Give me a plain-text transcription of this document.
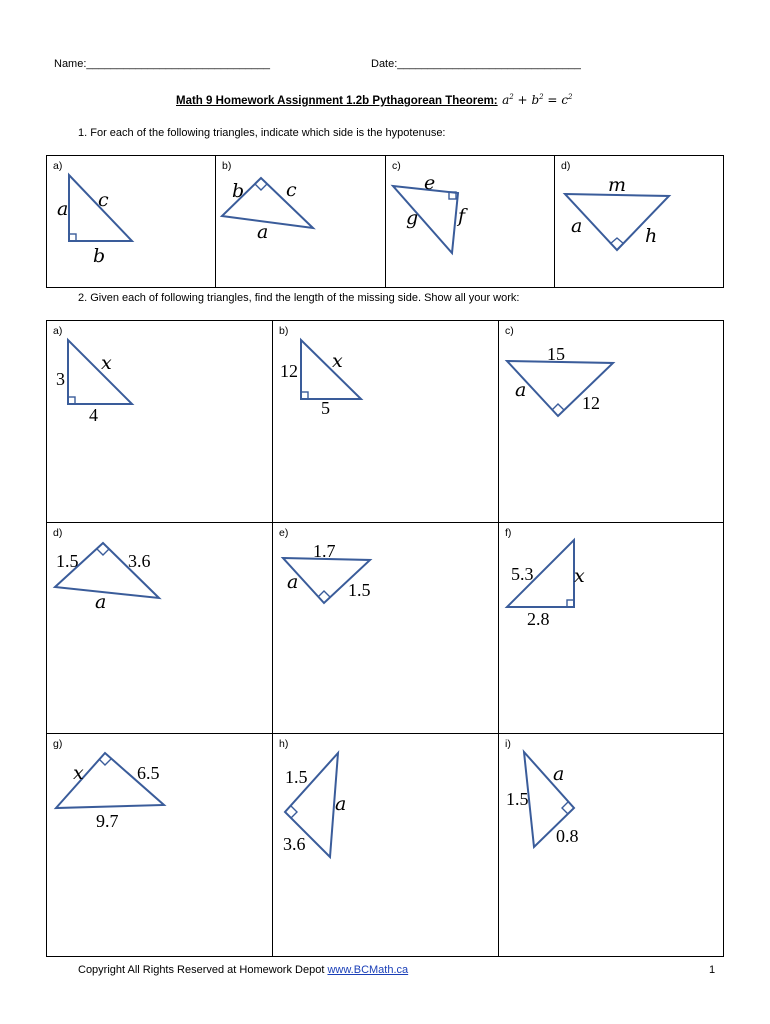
Name:______________________________	Date:______________________________
Math 9 Homework Assignment 1.2b Pythagorean Theorem: $a^2 + b^2 = c^2$
1. For each of the following triangles, indicate which side is the hypotenuse:
a)	b)	c)	d)
2. Given each of following triangles, find the length of the missing side. Show all your work:
a)	b)	c)
d)	e)	f)
g)	h)	i)
a c
b
b c
a
e
g f
m
a	h
x
3
4
12 x
5
15
a
12
1.5	3.6
a
1.7
a	1.5
5.3 x
2.8
x	6.5
9.7
1.5
a
3.6
a
1.5
0.8
Copyright All Rights Reserved at Homework Depot www.BCMath.ca	1
